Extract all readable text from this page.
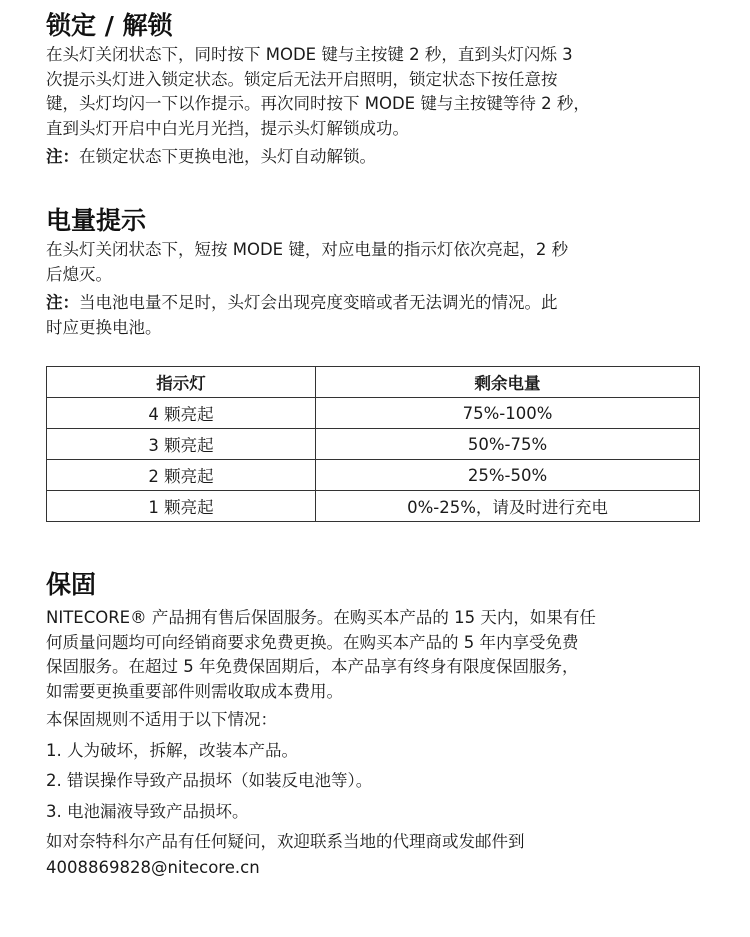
锁定 / 解锁

在头灯关闭状态下，同时按下 MODE 键与主按键 2 秒，直到头灯闪烁 3

次提示头灯进入锁定状态。锁定后无法开启照明，锁定状态下按任意按

键，头灯均闪一下以作提示。再次同时按下 MODE 键与主按键等待 2 秒，

直到头灯开启中白光月光挡，提示头灯解锁成功。

注：在锁定状态下更换电池，头灯自动解锁。

电量提示

在头灯关闭状态下，短按 MODE 键，对应电量的指示灯依次亮起，2 秒

后熄灭。

注：当电池电量不足时，头灯会出现亮度变暗或者无法调光的情况。此

时应更换电池。

指示灯	剩余电量
4 颗亮起	75%-100%
3 颗亮起	50%-75%
2 颗亮起	25%-50%
1 颗亮起	0%-25%，请及时进行充电
保固

NITECORE® 产品拥有售后保固服务。在购买本产品的 15 天内，如果有任

何质量问题均可向经销商要求免费更换。在购买本产品的 5 年内享受免费

保固服务。在超过 5 年免费保固期后，本产品享有终身有限度保固服务，

如需要更换重要部件则需收取成本费用。

本保固规则不适用于以下情况：

1. 人为破坏，拆解，改装本产品。

2. 错误操作导致产品损坏（如装反电池等）。

3. 电池漏液导致产品损坏。

如对奈特科尔产品有任何疑问，欢迎联系当地的代理商或发邮件到

4008869828@nitecore.cn
